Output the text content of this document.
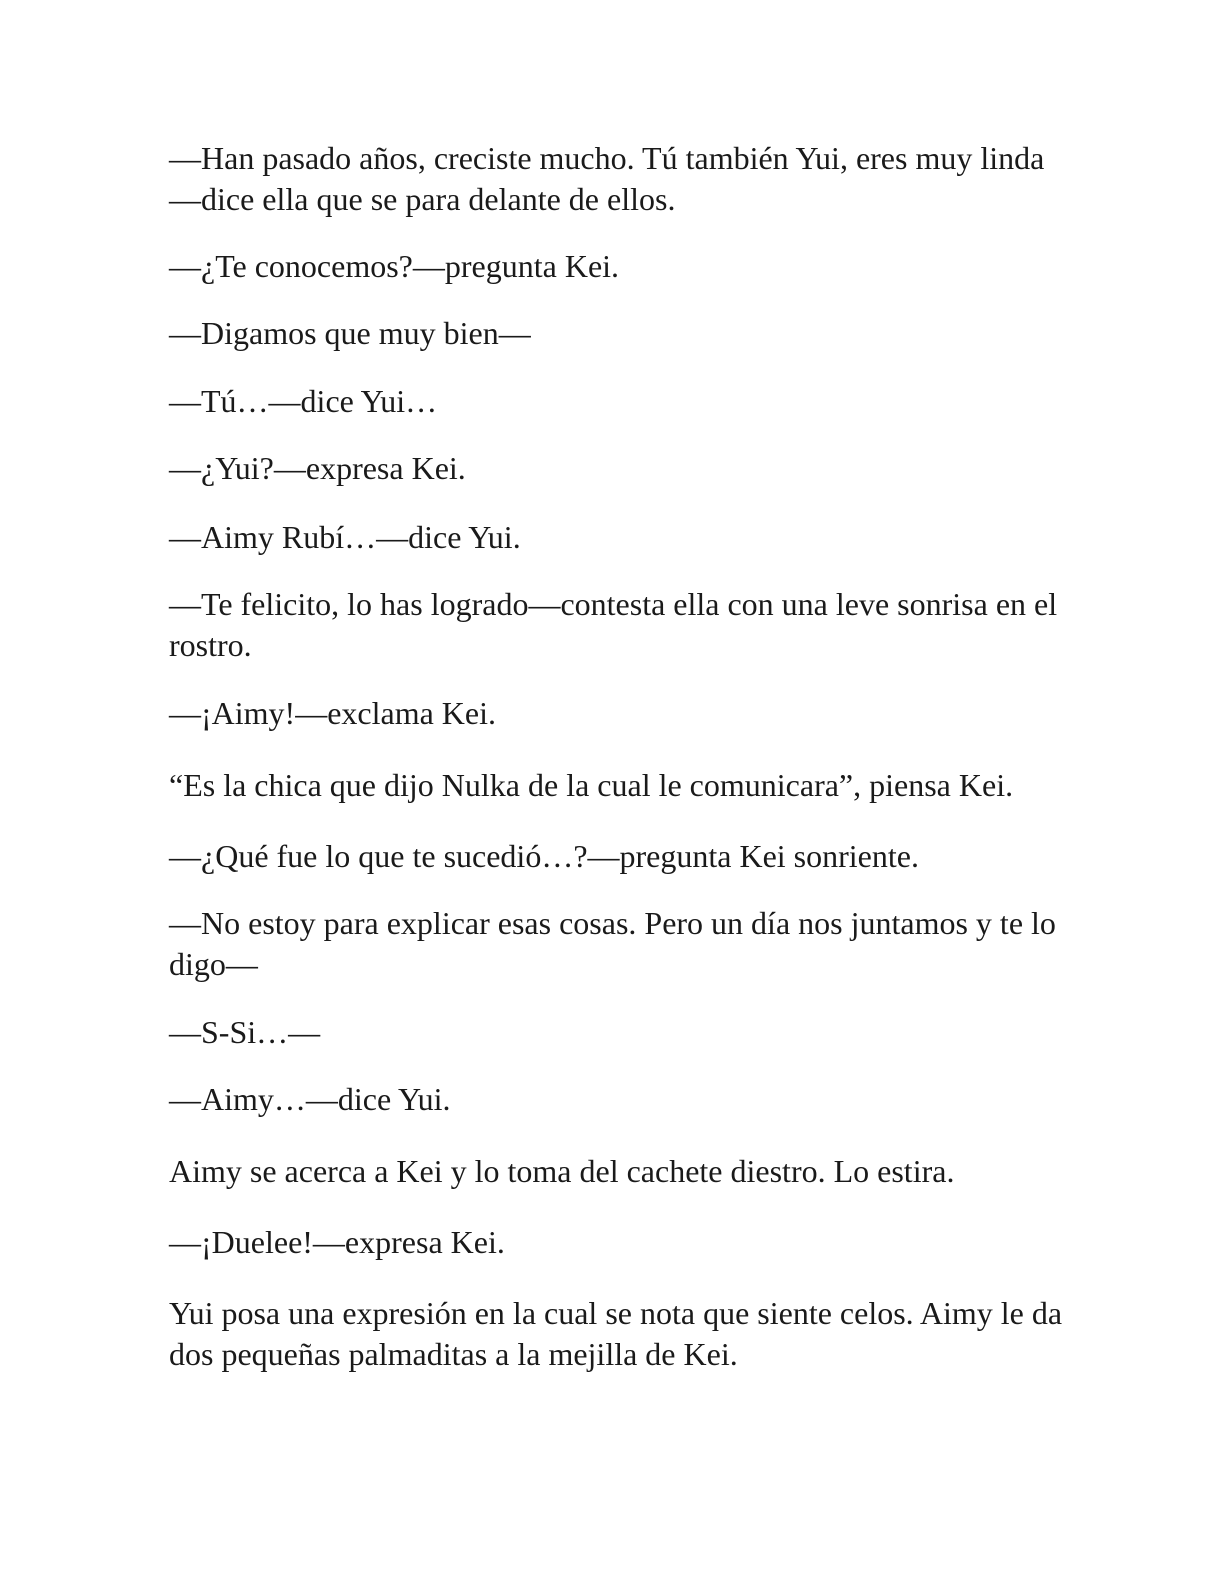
—Han pasado años, creciste mucho. Tú también Yui, eres muy linda—dice ella que se para delante de ellos.

—¿Te conocemos?—pregunta Kei.

—Digamos que muy bien—

—Tú…—dice Yui…

—¿Yui?—expresa Kei.

—Aimy Rubí…—dice Yui.

—Te felicito, lo has logrado—contesta ella con una leve sonrisa en el rostro.

—¡Aimy!—exclama Kei.

“Es la chica que dijo Nulka de la cual le comunicara”, piensa Kei.

—¿Qué fue lo que te sucedió…?—pregunta Kei sonriente.

—No estoy para explicar esas cosas. Pero un día nos juntamos y te lo digo—

—S-Si…—

—Aimy…—dice Yui.

Aimy se acerca a Kei y lo toma del cachete diestro. Lo estira.

—¡Duelee!—expresa Kei.

Yui posa una expresión en la cual se nota que siente celos. Aimy le da dos pequeñas palmaditas a la mejilla de Kei.
